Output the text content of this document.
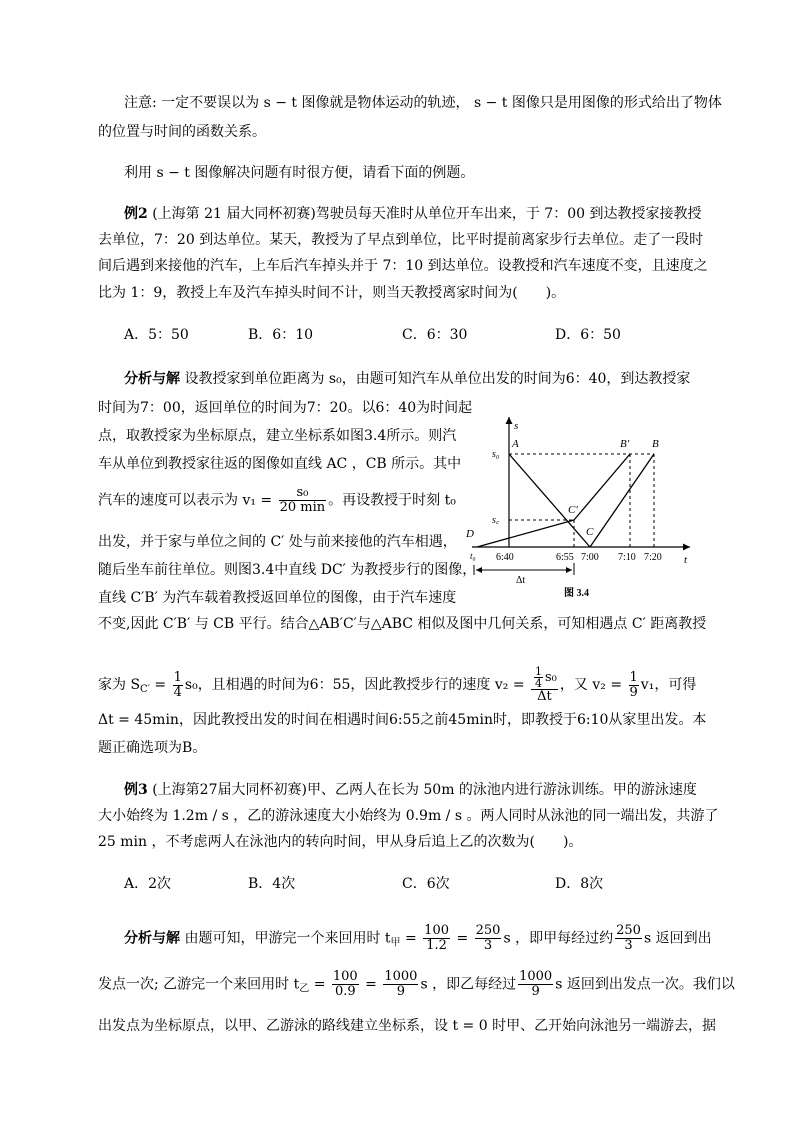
注意: 一定不要误以为 s − t 图像就是物体运动的轨迹， s − t 图像只是用图像的形式给出了物体
的位置与时间的函数关系。
利用 s − t 图像解决问题有时很方便，请看下面的例题。
例2 (上海第 21 届大同杯初赛)驾驶员每天准时从单位开车出来，于 7：00 到达教授家接教授
去单位，7：20 到达单位。某天，教授为了早点到单位，比平时提前离家步行去单位。走了一段时
间后遇到来接他的汽车，上车后汽车掉头并于 7：10 到达单位。设教授和汽车速度不变，且速度之
比为 1：9，教授上车及汽车掉头时间不计，则当天教授离家时间为(　　)。
A．5：50	B．6：10	C．6：30	D．6：50
分析与解 设教授家到单位距离为 s₀，由题可知汽车从单位出发的时间为6：40，到达教授家
时间为7：00，返回单位的时间为7：20。以6：40为时间起
点，取教授家为坐标原点，建立坐标系如图3.4所示。则汽
车从单位到教授家往返的图像如直线 AC ，CB 所示。其中
汽车的速度可以表示为 $v_1 = \frac{\text{s₀}}{20 \min}$ 。再设教授于时刻 t₀
出发，并于家与单位之间的 C′ 处与前来接他的汽车相遇，
随后坐车前往单位。则图3.4中直线 DC′ 为教授步行的图像，
直线 C′B′ 为汽车载着教授返回单位的图像，由于汽车速度
不变,因此 C′B′ 与 CB 平行。结合△AB′C′与△ABC 相似及图中几何关系，可知相遇点 C′ 距离教授
家为 $S_{C'} = \frac{1}{4} s_0$，且相遇的时间为6：55，因此教授步行的速度 $v_2 = \frac{\frac{1}{4} s_0}{\Delta t}$ ，又 $v_2 = \frac{1}{9} v_1$，可得
Δt = 45min，因此教授出发的时间在相遇时间6:55之前45min时，即教授于6:10从家里出发。本
题正确选项为B。
s
t
A	B′ B
C′
C
D
s₀
s꜀
t₀ 6:40	6:55 7:00 7:10 7:20
Δt
图 3.4
例3 (上海第27届大同杯初赛)甲、乙两人在长为 50m 的泳池内进行游泳训练。甲的游泳速度
大小始终为 1.2m / s ，乙的游泳速度大小始终为 0.9m / s 。两人同时从泳池的同一端出发，共游了
25 min ，不考虑两人在泳池内的转向时间，甲从身后追上乙的次数为(　　)。
A．2次	B．4次	C．6次	D．8次
分析与解 由题可知，甲游完一个来回用时 $t_甲 = \frac{100}{1.2} = \frac{250}{3}$ s ，即甲每经过约 $\frac{250}{3}$ s 返回到出
发点一次; 乙游完一个来回用时 $t_乙 = \frac{100}{0.9} = \frac{1000}{9}$ s ，即乙每经过 $\frac{1000}{9}$ s 返回到出发点一次。我们以
出发点为坐标原点，以甲、乙游泳的路线建立坐标系，设 t = 0 时甲、乙开始向泳池另一端游去，据
